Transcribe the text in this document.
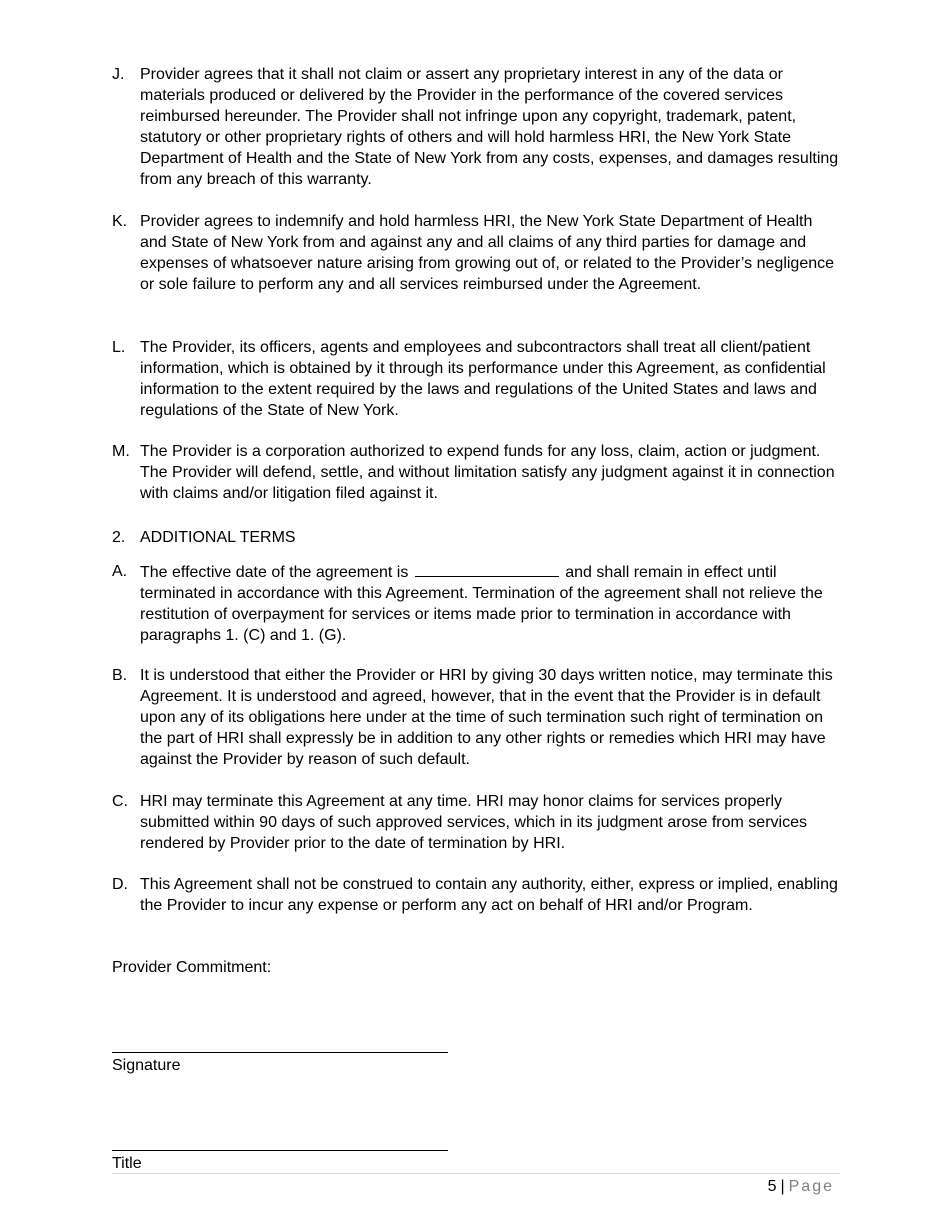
J. Provider agrees that it shall not claim or assert any proprietary interest in any of the data or materials produced or delivered by the Provider in the performance of the covered services reimbursed hereunder. The Provider shall not infringe upon any copyright, trademark, patent, statutory or other proprietary rights of others and will hold harmless HRI, the New York State Department of Health and the State of New York from any costs, expenses, and damages resulting from any breach of this warranty.
K. Provider agrees to indemnify and hold harmless HRI, the New York State Department of Health and State of New York from and against any and all claims of any third parties for damage and expenses of whatsoever nature arising from growing out of, or related to the Provider’s negligence or sole failure to perform any and all services reimbursed under the Agreement.
L. The Provider, its officers, agents and employees and subcontractors shall treat all client/patient information, which is obtained by it through its performance under this Agreement, as confidential information to the extent required by the laws and regulations of the United States and laws and regulations of the State of New York.
M. The Provider is a corporation authorized to expend funds for any loss, claim, action or judgment. The Provider will defend, settle, and without limitation satisfy any judgment against it in connection with claims and/or litigation filed against it.
2. ADDITIONAL TERMS
A. The effective date of the agreement is	and shall remain in effect until terminated in accordance with this Agreement. Termination of the agreement shall not relieve the restitution of overpayment for services or items made prior to termination in accordance with paragraphs 1. (C) and 1. (G).
B. It is understood that either the Provider or HRI by giving 30 days written notice, may terminate this Agreement. It is understood and agreed, however, that in the event that the Provider is in default upon any of its obligations here under at the time of such termination such right of termination on the part of HRI shall expressly be in addition to any other rights or remedies which HRI may have against the Provider by reason of such default.
C. HRI may terminate this Agreement at any time. HRI may honor claims for services properly submitted within 90 days of such approved services, which in its judgment arose from services rendered by Provider prior to the date of termination by HRI.
D. This Agreement shall not be construed to contain any authority, either, express or implied, enabling the Provider to incur any expense or perform any act on behalf of HRI and/or Program.
Provider Commitment:
Signature
Title
5 | Page
